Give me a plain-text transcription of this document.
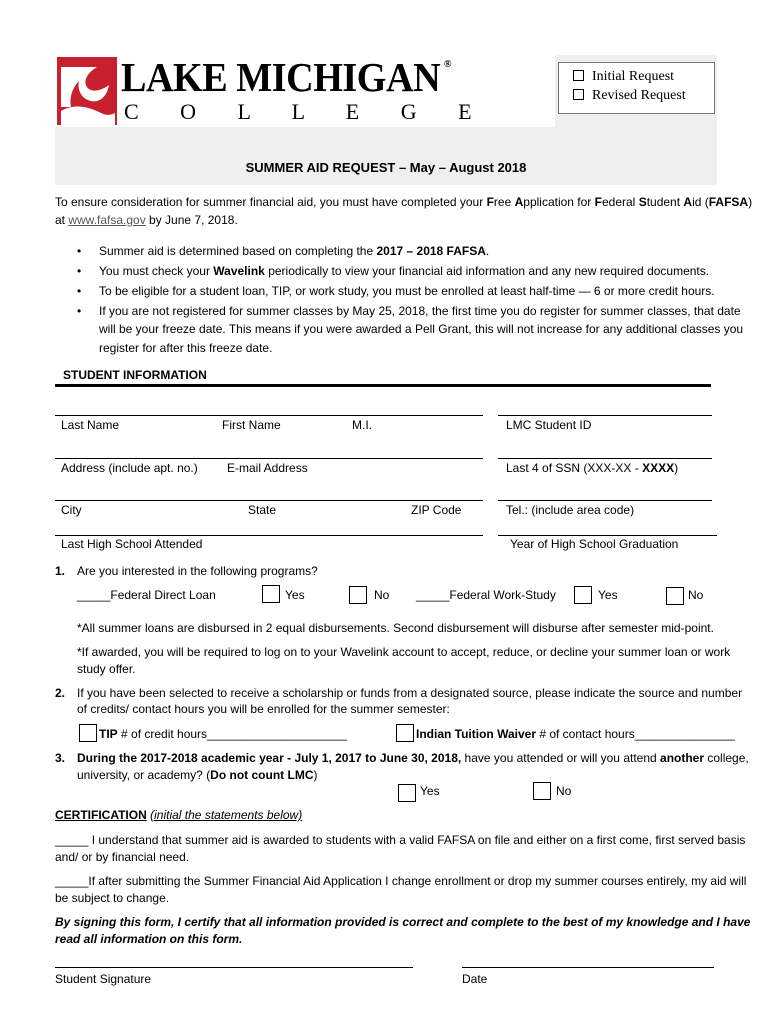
LAKE MICHIGAN ®
C O L L E G E
Initial Request
Revised Request
SUMMER AID REQUEST – May – August 2018
To ensure consideration for summer financial aid, you must have completed your Free Application for Federal Student Aid (FAFSA)
at www.fafsa.gov by June 7, 2018.
• Summer aid is determined based on completing the 2017 – 2018 FAFSA.
• You must check your Wavelink periodically to view your financial aid information and any new required documents.
• To be eligible for a student loan, TIP, or work study, you must be enrolled at least half-time — 6 or more credit hours.
• If you are not registered for summer classes by May 25, 2018, the first time you do register for summer classes, that date
will be your freeze date. This means if you were awarded a Pell Grant, this will not increase for any additional classes you
register for after this freeze date.
STUDENT INFORMATION
Last Name	First Name	M.I.	LMC Student ID
Address (include apt. no.) E-mail Address	Last 4 of SSN (XXX-XX - XXXX)
City	State	ZIP Code	Tel.: (include area code)
Last High School Attended	Year of High School Graduation
1. Are you interested in the following programs?
_____Federal Direct Loan	Yes	No _____Federal Work-Study	Yes	No
*All summer loans are disbursed in 2 equal disbursements. Second disbursement will disburse after semester mid-point.
*If awarded, you will be required to log on to your Wavelink account to accept, reduce, or decline your summer loan or work
study offer.
2. If you have been selected to receive a scholarship or funds from a designated source, please indicate the source and number
of credits/ contact hours you will be enrolled for the summer semester:
TIP # of credit hours_____________________	Indian Tuition Waiver # of contact hours_______________
3. During the 2017-2018 academic year - July 1, 2017 to June 30, 2018, have you attended or will you attend another college,
university, or academy? (Do not count LMC)
Yes	No
CERTIFICATION (initial the statements below)
_____ I understand that summer aid is awarded to students with a valid FAFSA on file and either on a first come, first served basis
and/ or by financial need.
_____If after submitting the Summer Financial Aid Application I change enrollment or drop my summer courses entirely, my aid will
be subject to change.
By signing this form, I certify that all information provided is correct and complete to the best of my knowledge and I have
read all information on this form.
Student Signature	Date
